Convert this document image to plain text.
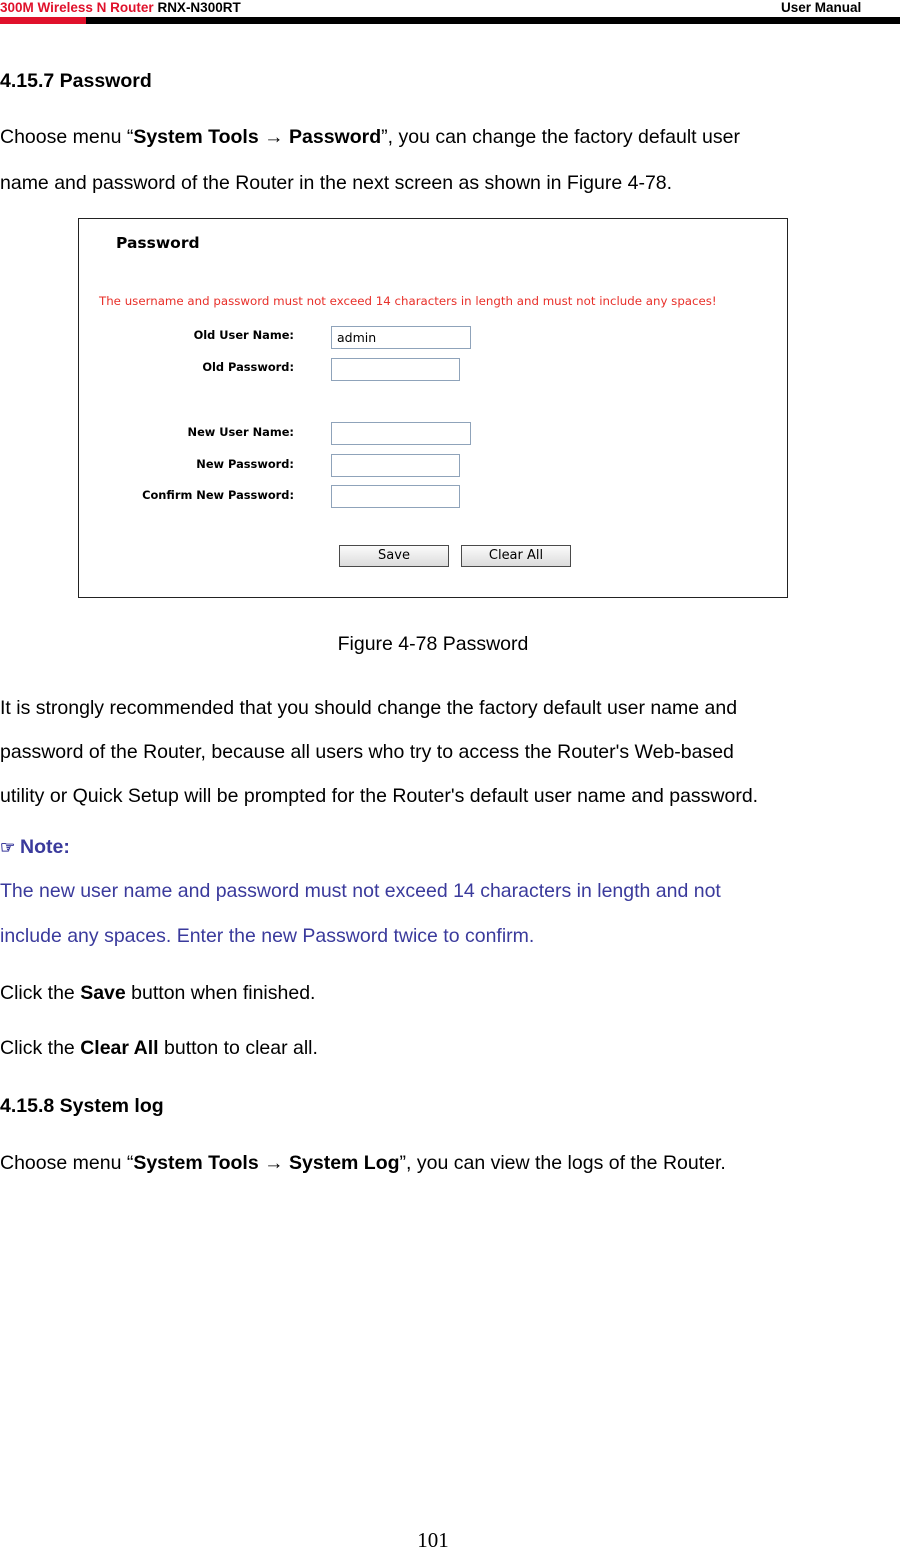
300M Wireless N Router RNX-N300RT	User Manual
4.15.7 Password
Choose menu “System Tools → Password”, you can change the factory default user
name and password of the Router in the next screen as shown in Figure 4-78.
Password
The username and password must not exceed 14 characters in length and must not include any spaces!
Old User Name:	admin
Old Password:
New User Name:
New Password:
Confirm New Password:
Save	Clear All
Figure 4-78 Password
It is strongly recommended that you should change the factory default user name and
password of the Router, because all users who try to access the Router's Web-based
utility or Quick Setup will be prompted for the Router's default user name and password.
☞ Note:
The new user name and password must not exceed 14 characters in length and not
include any spaces. Enter the new Password twice to confirm.
Click the Save button when finished.
Click the Clear All button to clear all.
4.15.8 System log
Choose menu “System Tools → System Log”, you can view the logs of the Router.
101
